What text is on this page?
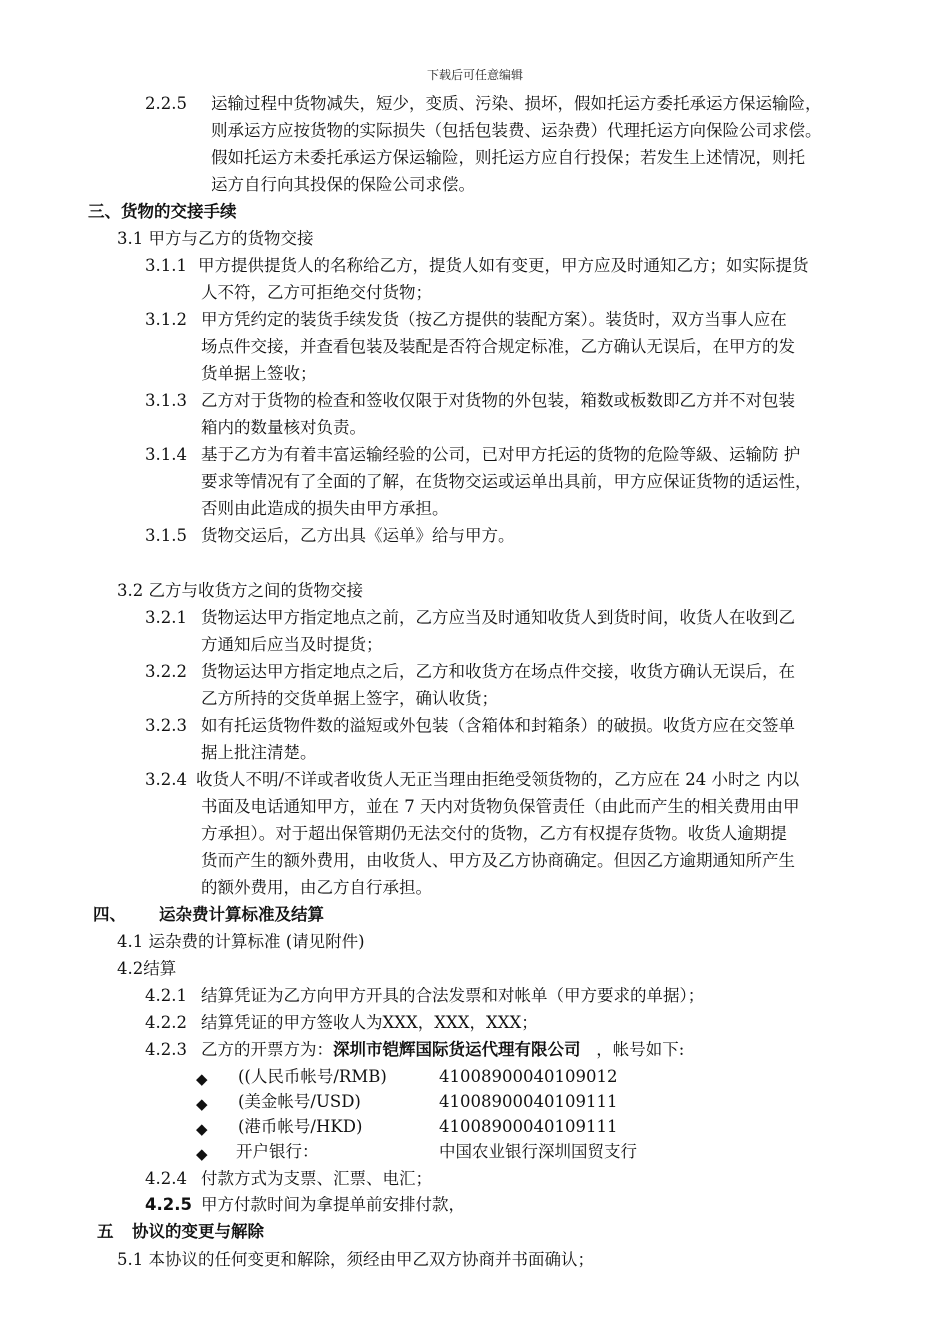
下载后可任意编辑
2.2.5 运输过程中货物减失，短少，变质、污染、损坏，假如托运方委托承运方保运输险，
则承运方应按货物的实际损失（包括包装费、运杂费）代理托运方向保险公司求偿。
假如托运方未委托承运方保运输险，则托运方应自行投保；若发生上述情况，则托
运方自行向其投保的保险公司求偿。
三、货物的交接手续
3.1 甲方与乙方的货物交接
3.1.1 甲方提供提货人的名称给乙方，提货人如有变更，甲方应及时通知乙方；如实际提货
人不符，乙方可拒绝交付货物；
3.1.2 甲方凭约定的装货手续发货（按乙方提供的装配方案）。装货时，双方当事人应在
场点件交接，并查看包装及装配是否符合规定标准，乙方确认无误后，在甲方的发
货单据上签收；
3.1.3 乙方对于货物的检查和签收仅限于对货物的外包装，箱数或板数即乙方并不对包装
箱内的数量核对负责。
3.1.4 基于乙方为有着丰富运输经验的公司，已对甲方托运的货物的危险等級、运输防 护
要求等情况有了全面的了解，在货物交运或运单出具前，甲方应保证货物的适运性，
否则由此造成的损失由甲方承担。
3.1.5 货物交运后，乙方出具《运单》给与甲方。
3.2 乙方与收货方之间的货物交接
3.2.1 货物运达甲方指定地点之前，乙方应当及时通知收货人到货时间，收货人在收到乙
方通知后应当及时提货；
3.2.2 货物运达甲方指定地点之后，乙方和收货方在场点件交接，收货方确认无误后，在
乙方所持的交货单据上签字，确认收货；
3.2.3 如有托运货物件数的溢短或外包装（含箱体和封箱条）的破损。收货方应在交签单
据上批注清楚。
3.2.4 收货人不明/不详或者收货人无正当理由拒绝受领货物的，乙方应在 24 小时之 内以
书面及电话通知甲方，並在 7 天内对货物负保管责任（由此而产生的相关费用由甲
方承担）。对于超出保管期仍无法交付的货物，乙方有权提存货物。收货人逾期提
货而产生的额外费用，由收货人、甲方及乙方协商确定。但因乙方逾期通知所产生
的额外费用，由乙方自行承担。
四、 运杂费计算标准及结算
4.1 运杂费的计算标准 (请见附件)
4.2结算
4.2.1 结算凭证为乙方向甲方开具的合法发票和对帐单（甲方要求的单据）；
4.2.2 结算凭证的甲方签收人为XXX，XXX，XXX；
4.2.3 乙方的开票方为：深圳市铠辉国际货运代理有限公司   ，帐号如下:
◆ ((人民币帐号/RMB)	41008900040109012
◆ (美金帐号/USD)	41008900040109111
◆ (港币帐号/HKD)	41008900040109111
◆ 开户银行：	中国农业银行深圳国贸支行
4.2.4 付款方式为支票、汇票、电汇；
4.2.5 甲方付款时间为拿提单前安排付款，
五 协议的变更与解除
5.1 本协议的任何变更和解除，须经由甲乙双方协商并书面确认；
